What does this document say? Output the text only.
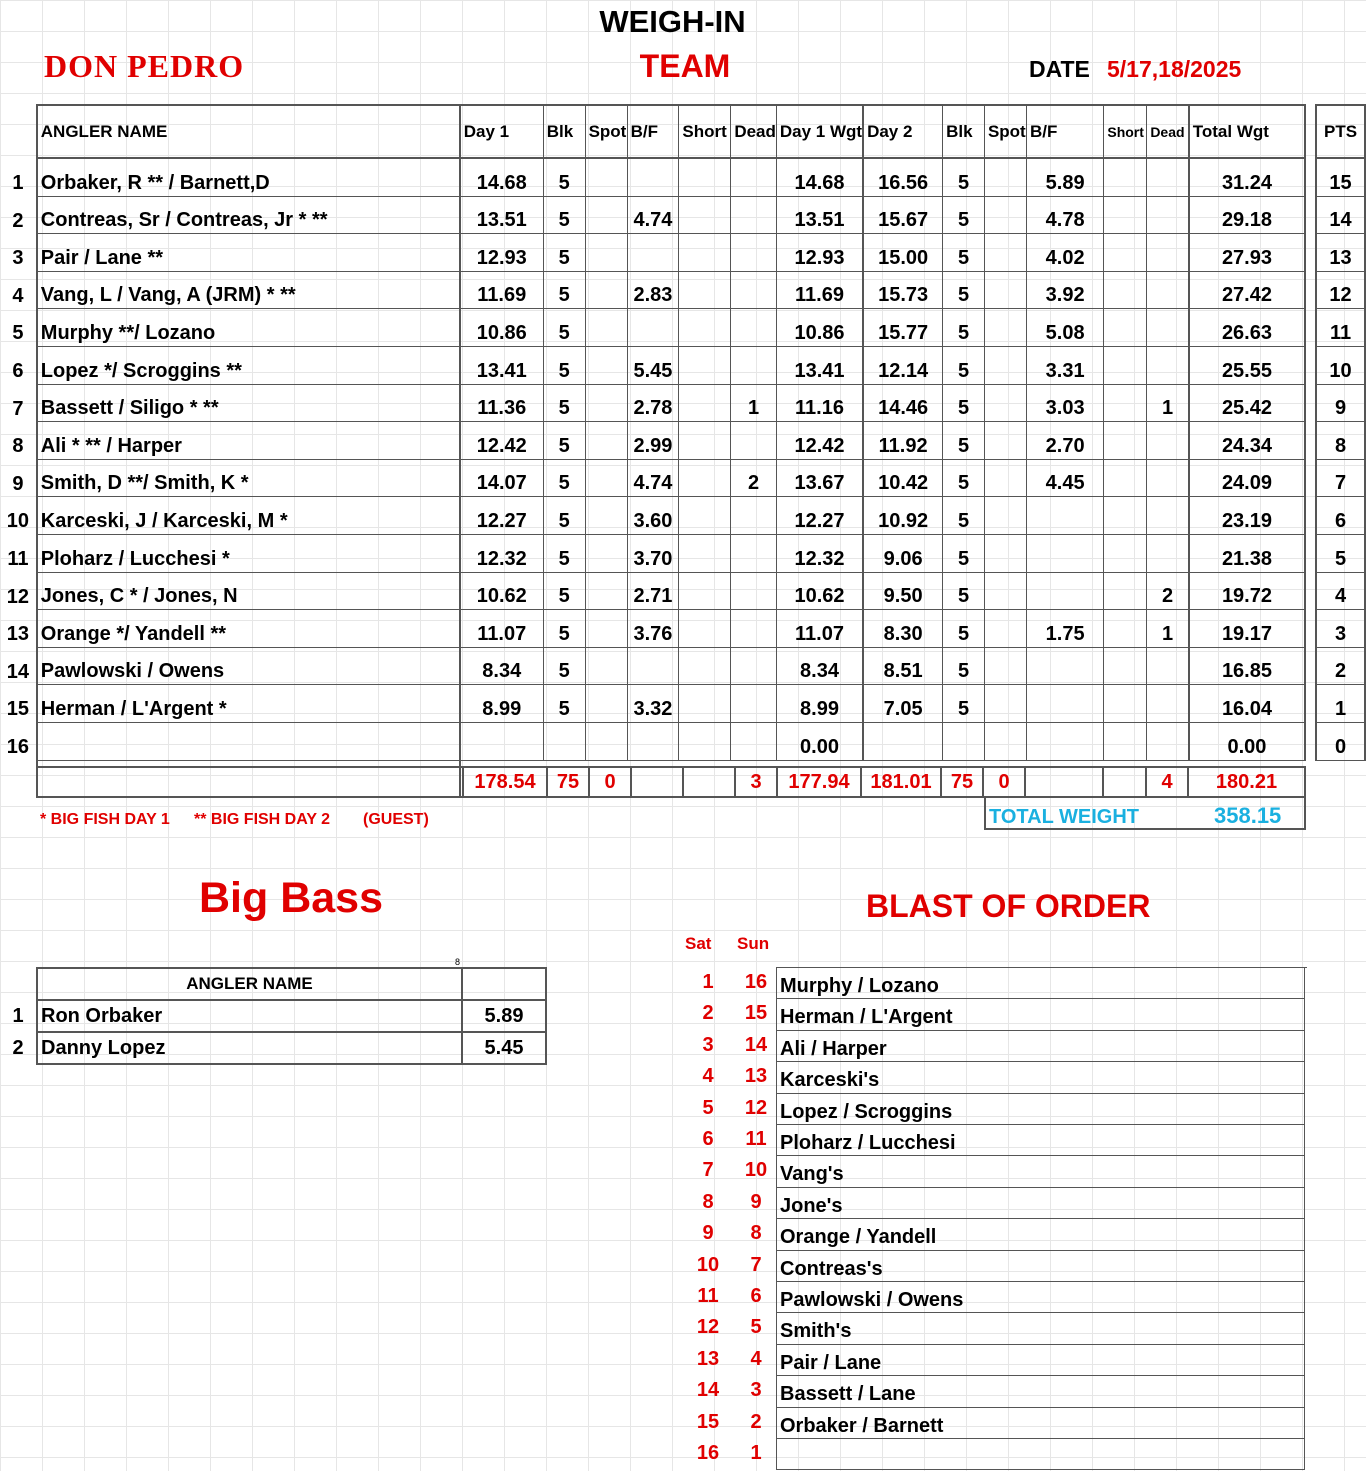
WEIGH-IN
DON PEDRO	TEAM	DATE 5/17,18/2025
	ANGLER NAME	Day 1	Blk	Spot	B/F	Short	Dead	Day 1 Wgt	Day 2	Blk	Spot	B/F	Short	Dead	Total Wgt		PTS
1	Orbaker, R ** / Barnett,D	14.68	5					14.68	16.56	5		5.89			31.24		15
2	Contreas, Sr / Contreas, Jr * **	13.51	5		4.74			13.51	15.67	5		4.78			29.18		14
3	Pair / Lane **	12.93	5					12.93	15.00	5		4.02			27.93		13
4	Vang, L / Vang, A (JRM) * **	11.69	5		2.83			11.69	15.73	5		3.92			27.42		12
5	Murphy **/ Lozano	10.86	5					10.86	15.77	5		5.08			26.63		11
6	Lopez */ Scroggins **	13.41	5		5.45			13.41	12.14	5		3.31			25.55		10
7	Bassett / Siligo * **	11.36	5		2.78		1	11.16	14.46	5		3.03		1	25.42		9
8	Ali * ** / Harper	12.42	5		2.99			12.42	11.92	5		2.70			24.34		8
9	Smith, D **/ Smith, K *	14.07	5		4.74		2	13.67	10.42	5		4.45			24.09		7
10	Karceski, J / Karceski, M *	12.27	5		3.60			12.27	10.92	5					23.19		6
11	Ploharz / Lucchesi *	12.32	5		3.70			12.32	9.06	5					21.38		5
12	Jones, C * / Jones, N	10.62	5		2.71			10.62	9.50	5				2	19.72		4
13	Orange */ Yandell **	11.07	5		3.76			11.07	8.30	5		1.75		1	19.17		3
14	Pawlowski / Owens	8.34	5					8.34	8.51	5					16.85		2
15	Herman / L'Argent *	8.99	5		3.32			8.99	7.05	5					16.04		1
16								0.00							0.00		0

	178.54	75	0			3	177.94	181.01	75	0			4	180.21
* BIG FISH DAY 1 ** BIG FISH DAY 2 (GUEST)	TOTAL WEIGHT	358.15
Big Bass
8
	ANGLER NAME	
1	Ron Orbaker	5.89
2	Danny Lopez	5.45
BLAST OF ORDER
Sat Sun
1	16 Murphy / Lozano
2	15 Herman / L'Argent
3	14 Ali / Harper
4	13 Karceski's
5	12 Lopez / Scroggins
6	11 Ploharz / Lucchesi
7	10 Vang's
8	9 Jone's
9	8 Orange / Yandell
10	7 Contreas's
11	6 Pawlowski / Owens
12	5 Smith's
13	4 Pair / Lane
14	3 Bassett / Lane
15	2 Orbaker / Barnett
16	1
